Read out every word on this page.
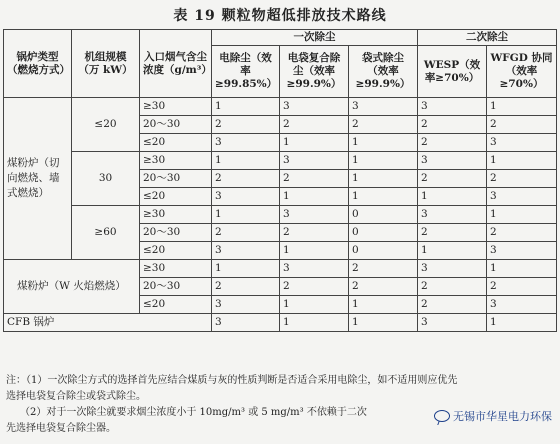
表 19 颗粒物超低排放技术路线
锅炉类型（燃烧方式）	机组规模（万 kW）	入口烟气含尘浓度（g/m³）	一次除尘			二次除尘	
			电除尘（效率≥99.85%）	电袋复合除尘（效率≥99.9%）	袋式除尘（效率≥99.9%）	WESP（效率≥70%）	WFGD 协同（效率≥70%）
煤粉炉（切向燃烧、墙式燃烧）	≤20	≥30	1	3	3	3	1
		20～30	2	2	2	2	2
		≤20	3	1	1	2	3
	30	≥30	1	3	1	3	1
		20～30	2	2	1	2	2
		≤20	3	1	1	1	3
	≥60	≥30	1	3	0	3	1
		20～30	2	2	0	2	2
		≤20	3	1	0	1	3
煤粉炉（W 火焰燃烧）		≥30	1	3	2	3	1
		20～30	2	2	2	2	2
		≤20	3	1	1	2	3
CFB 锅炉			3	1	1	3	1
注：（1）一次除尘方式的选择首先应结合煤质与灰的性质判断是否适合采用电除尘，如不适用则应优先
选择电袋复合除尘或袋式除尘。
（2）对于一次除尘就要求烟尘浓度小于 10mg/m³ 或 5 mg/m³ 不依赖于二次
先选择电袋复合除尘器。
无锡市华星电力环保
